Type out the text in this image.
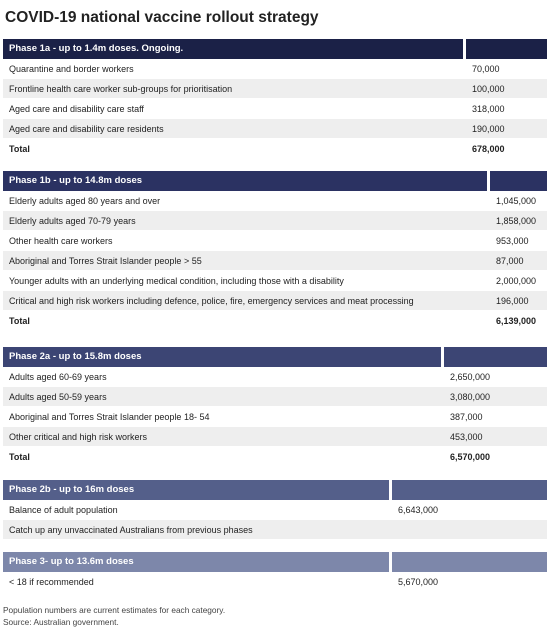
COVID-19 national vaccine rollout strategy
Phase 1a - up to 1.4m doses. Ongoing.
Quarantine and border workers	70,000
Frontline health care worker sub-groups for prioritisation	100,000
Aged care and disability care staff	318,000
Aged care and disability care residents	190,000
Total	678,000
Phase 1b - up to 14.8m doses
Elderly adults aged 80 years and over	1,045,000
Elderly adults aged 70-79 years	1,858,000
Other health care workers	953,000
Aboriginal and Torres Strait Islander people > 55	87,000
Younger adults with an underlying medical condition, including those with a disability	2,000,000
Critical and high risk workers including defence, police, fire, emergency services and meat processing	196,000
Total	6,139,000
Phase 2a - up to 15.8m doses
Adults aged 60-69 years	2,650,000
Adults aged 50-59 years	3,080,000
Aboriginal and Torres Strait Islander people 18- 54	387,000
Other critical and high risk workers	453,000
Total	6,570,000
Phase 2b - up to 16m doses
Balance of adult population	6,643,000
Catch up any unvaccinated Australians from previous phases
Phase 3- up to 13.6m doses
< 18 if recommended	5,670,000
Population numbers are current estimates for each category.
Source: Australian government.
